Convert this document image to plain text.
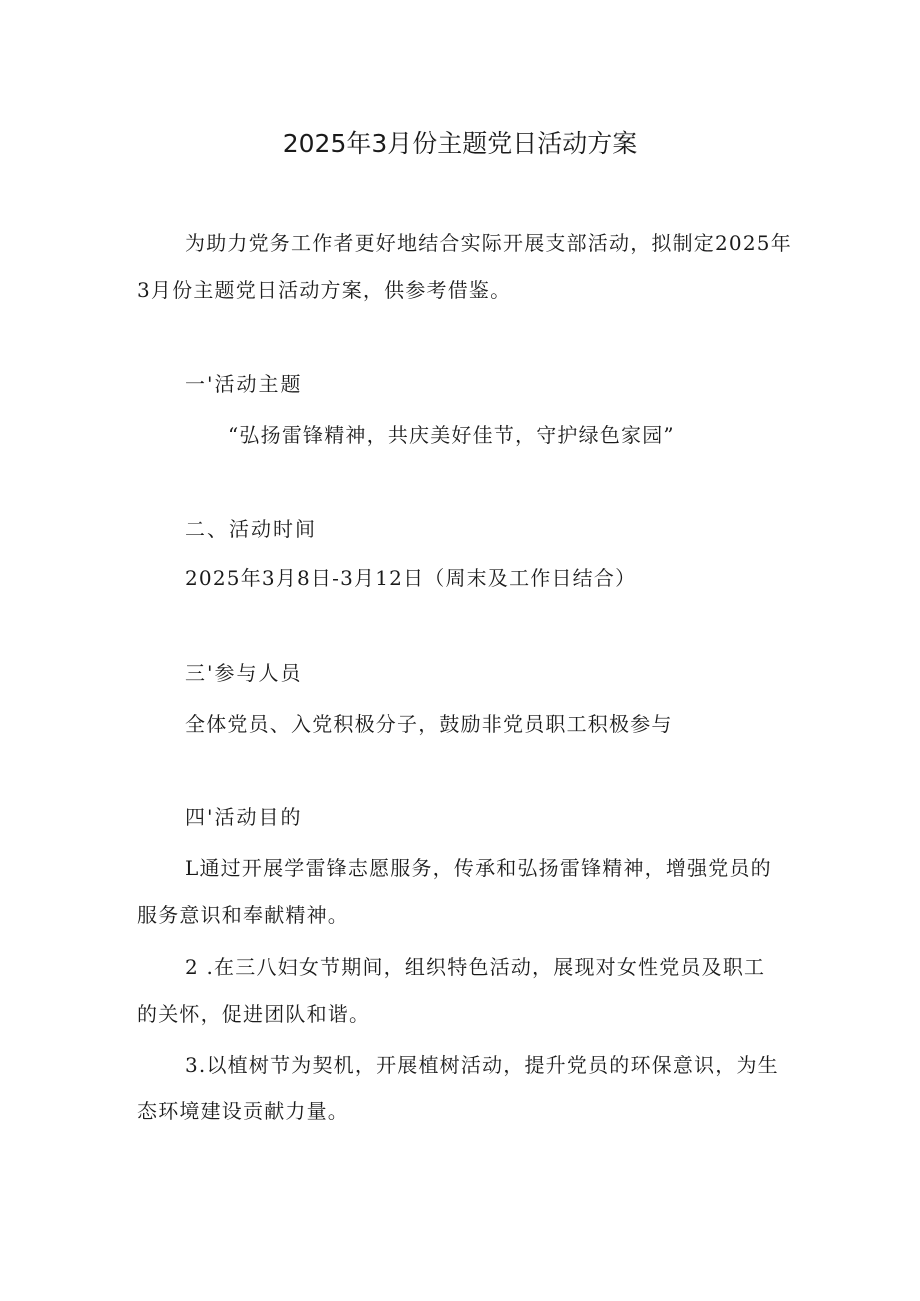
2025年3月份主题党日活动方案
为助力党务工作者更好地结合实际开展支部活动，拟制定2025年
3月份主题党日活动方案，供参考借鉴。
一'活动主题
“弘扬雷锋精神，共庆美好佳节，守护绿色家园”
二、活动时间
2025年3月8日-3月12日（周末及工作日结合）
三'参与人员
全体党员、入党积极分子，鼓励非党员职工积极参与
四'活动目的
L通过开展学雷锋志愿服务，传承和弘扬雷锋精神，增强党员的
服务意识和奉献精神。
2 .在三八妇女节期间，组织特色活动，展现对女性党员及职工
的关怀，促进团队和谐。
3.以植树节为契机，开展植树活动，提升党员的环保意识，为生
态环境建设贡献力量。
